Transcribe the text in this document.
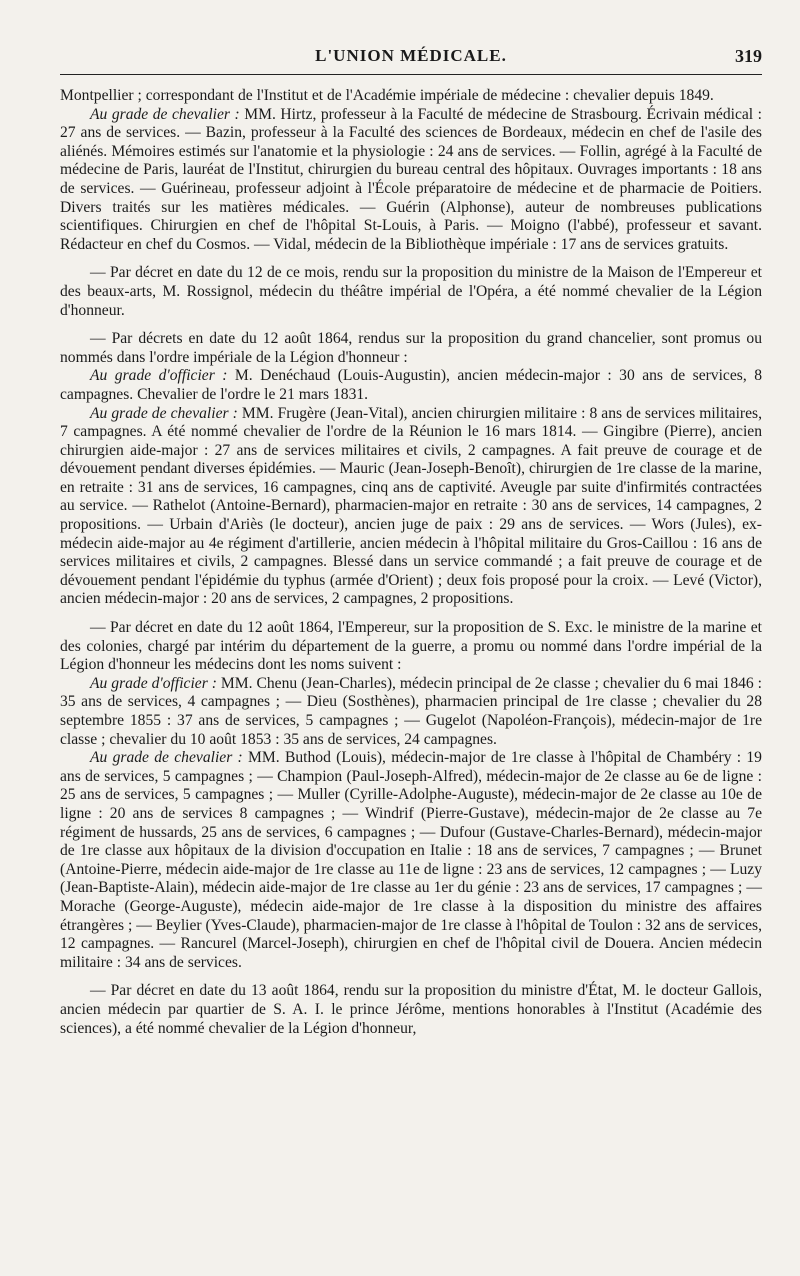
L'UNION MÉDICALE.	319

Montpellier ; correspondant de l'Institut et de l'Académie impériale de médecine : chevalier depuis 1849.

Au grade de chevalier : MM. Hirtz, professeur à la Faculté de médecine de Strasbourg. Écrivain médical : 27 ans de services. — Bazin, professeur à la Faculté des sciences de Bordeaux, médecin en chef de l'asile des aliénés. Mémoires estimés sur l'anatomie et la physiologie : 24 ans de services. — Follin, agrégé à la Faculté de médecine de Paris, lauréat de l'Institut, chirurgien du bureau central des hôpitaux. Ouvrages importants : 18 ans de services. — Guérineau, professeur adjoint à l'École préparatoire de médecine et de pharmacie de Poitiers. Divers traités sur les matières médicales. — Guérin (Alphonse), auteur de nombreuses publications scientifiques. Chirurgien en chef de l'hôpital St-Louis, à Paris. — Moigno (l'abbé), professeur et savant. Rédacteur en chef du Cosmos. — Vidal, médecin de la Bibliothèque impériale : 17 ans de services gratuits.

— Par décret en date du 12 de ce mois, rendu sur la proposition du ministre de la Maison de l'Empereur et des beaux-arts, M. Rossignol, médecin du théâtre impérial de l'Opéra, a été nommé chevalier de la Légion d'honneur.

— Par décrets en date du 12 août 1864, rendus sur la proposition du grand chancelier, sont promus ou nommés dans l'ordre impériale de la Légion d'honneur :

Au grade d'officier : M. Denéchaud (Louis-Augustin), ancien médecin-major : 30 ans de services, 8 campagnes. Chevalier de l'ordre le 21 mars 1831.

Au grade de chevalier : MM. Frugère (Jean-Vital), ancien chirurgien militaire : 8 ans de services militaires, 7 campagnes. A été nommé chevalier de l'ordre de la Réunion le 16 mars 1814. — Gingibre (Pierre), ancien chirurgien aide-major : 27 ans de services militaires et civils, 2 campagnes. A fait preuve de courage et de dévouement pendant diverses épidémies. — Mauric (Jean-Joseph-Benoît), chirurgien de 1re classe de la marine, en retraite : 31 ans de services, 16 campagnes, cinq ans de captivité. Aveugle par suite d'infirmités contractées au service. — Rathelot (Antoine-Bernard), pharmacien-major en retraite : 30 ans de services, 14 campagnes, 2 propositions. — Urbain d'Ariès (le docteur), ancien juge de paix : 29 ans de services. — Wors (Jules), ex-médecin aide-major au 4e régiment d'artillerie, ancien médecin à l'hôpital militaire du Gros-Caillou : 16 ans de services militaires et civils, 2 campagnes. Blessé dans un service commandé ; a fait preuve de courage et de dévouement pendant l'épidémie du typhus (armée d'Orient) ; deux fois proposé pour la croix. — Levé (Victor), ancien médecin-major : 20 ans de services, 2 campagnes, 2 propositions.

— Par décret en date du 12 août 1864, l'Empereur, sur la proposition de S. Exc. le ministre de la marine et des colonies, chargé par intérim du département de la guerre, a promu ou nommé dans l'ordre impérial de la Légion d'honneur les médecins dont les noms suivent :

Au grade d'officier : MM. Chenu (Jean-Charles), médecin principal de 2e classe ; chevalier du 6 mai 1846 : 35 ans de services, 4 campagnes ; — Dieu (Sosthènes), pharmacien principal de 1re classe ; chevalier du 28 septembre 1855 : 37 ans de services, 5 campagnes ; — Gugelot (Napoléon-François), médecin-major de 1re classe ; chevalier du 10 août 1853 : 35 ans de services, 24 campagnes.

Au grade de chevalier : MM. Buthod (Louis), médecin-major de 1re classe à l'hôpital de Chambéry : 19 ans de services, 5 campagnes ; — Champion (Paul-Joseph-Alfred), médecin-major de 2e classe au 6e de ligne : 25 ans de services, 5 campagnes ; — Muller (Cyrille-Adolphe-Auguste), médecin-major de 2e classe au 10e de ligne : 20 ans de services 8 campagnes ; — Windrif (Pierre-Gustave), médecin-major de 2e classe au 7e régiment de hussards, 25 ans de services, 6 campagnes ; — Dufour (Gustave-Charles-Bernard), médecin-major de 1re classe aux hôpitaux de la division d'occupation en Italie : 18 ans de services, 7 campagnes ; — Brunet (Antoine-Pierre, médecin aide-major de 1re classe au 11e de ligne : 23 ans de services, 12 campagnes ; — Luzy (Jean-Baptiste-Alain), médecin aide-major de 1re classe au 1er du génie : 23 ans de services, 17 campagnes ; — Morache (George-Auguste), médecin aide-major de 1re classe à la disposition du ministre des affaires étrangères ; — Beylier (Yves-Claude), pharmacien-major de 1re classe à l'hôpital de Toulon : 32 ans de services, 12 campagnes. — Rancurel (Marcel-Joseph), chirurgien en chef de l'hôpital civil de Douera. Ancien médecin militaire : 34 ans de services.

— Par décret en date du 13 août 1864, rendu sur la proposition du ministre d'État, M. le docteur Gallois, ancien médecin par quartier de S. A. I. le prince Jérôme, mentions honorables à l'Institut (Académie des sciences), a été nommé chevalier de la Légion d'honneur,
